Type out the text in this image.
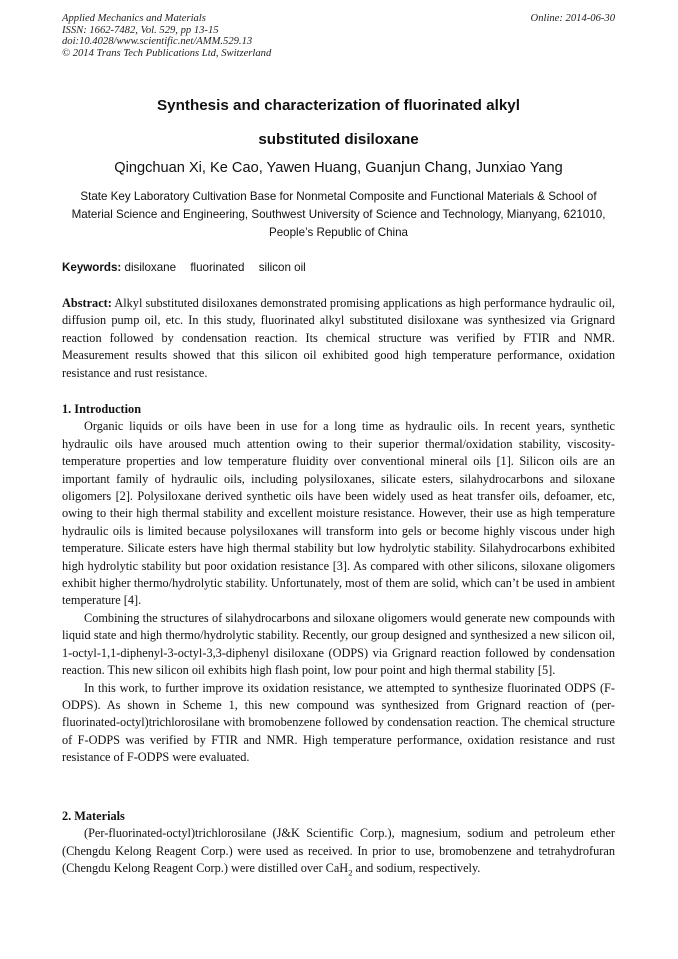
Applied Mechanics and Materials
ISSN: 1662-7482, Vol. 529, pp 13-15
doi:10.4028/www.scientific.net/AMM.529.13
© 2014 Trans Tech Publications Ltd, Switzerland
Online: 2014-06-30
Synthesis and characterization of fluorinated alkyl
substituted disiloxane
Qingchuan Xi, Ke Cao, Yawen Huang, Guanjun Chang, Junxiao Yang
State Key Laboratory Cultivation Base for Nonmetal Composite and Functional Materials & School of Material Science and Engineering, Southwest University of Science and Technology, Mianyang, 621010, People’s Republic of China
Keywords: disiloxane fluorinated silicon oil

Abstract: Alkyl substituted disiloxanes demonstrated promising applications as high performance hydraulic oil, diffusion pump oil, etc. In this study, fluorinated alkyl substituted disiloxane was synthesized via Grignard reaction followed by condensation reaction. Its chemical structure was verified by FTIR and NMR. Measurement results showed that this silicon oil exhibited good high temperature performance, oxidation resistance and rust resistance.

1. Introduction

Organic liquids or oils have been in use for a long time as hydraulic oils. In recent years, synthetic hydraulic oils have aroused much attention owing to their superior thermal/oxidation stability, viscosity-temperature properties and low temperature fluidity over conventional mineral oils [1]. Silicon oils are an important family of hydraulic oils, including polysiloxanes, silicate esters, silahydrocarbons and siloxane oligomers [2]. Polysiloxane derived synthetic oils have been widely used as heat transfer oils, defoamer, etc, owing to their high thermal stability and excellent moisture resistance. However, their use as high temperature hydraulic oils is limited because polysiloxanes will transform into gels or become highly viscous under high temperature. Silicate esters have high thermal stability but low hydrolytic stability. Silahydrocarbons exhibited high hydrolytic stability but poor oxidation resistance [3]. As compared with other silicons, siloxane oligomers exhibit higher thermo/hydrolytic stability. Unfortunately, most of them are solid, which can’t be used in ambient temperature [4].

Combining the structures of silahydrocarbons and siloxane oligomers would generate new compounds with liquid state and high thermo/hydrolytic stability. Recently, our group designed and synthesized a new silicon oil, 1-octyl-1,1-diphenyl-3-octyl-3,3-diphenyl disiloxane (ODPS) via Grignard reaction followed by condensation reaction. This new silicon oil exhibits high flash point, low pour point and high thermal stability [5].

In this work, to further improve its oxidation resistance, we attempted to synthesize fluorinated ODPS (F-ODPS). As shown in Scheme 1, this new compound was synthesized from Grignard reaction of (per-fluorinated-octyl)trichlorosilane with bromobenzene followed by condensation reaction. The chemical structure of F-ODPS was verified by FTIR and NMR. High temperature performance, oxidation resistance and rust resistance of F-ODPS were evaluated.

2. Materials

(Per-fluorinated-octyl)trichlorosilane (J&K Scientific Corp.), magnesium, sodium and petroleum ether (Chengdu Kelong Reagent Corp.) were used as received. In prior to use, bromobenzene and tetrahydrofuran (Chengdu Kelong Reagent Corp.) were distilled over CaH$_2$ and sodium, respectively.
